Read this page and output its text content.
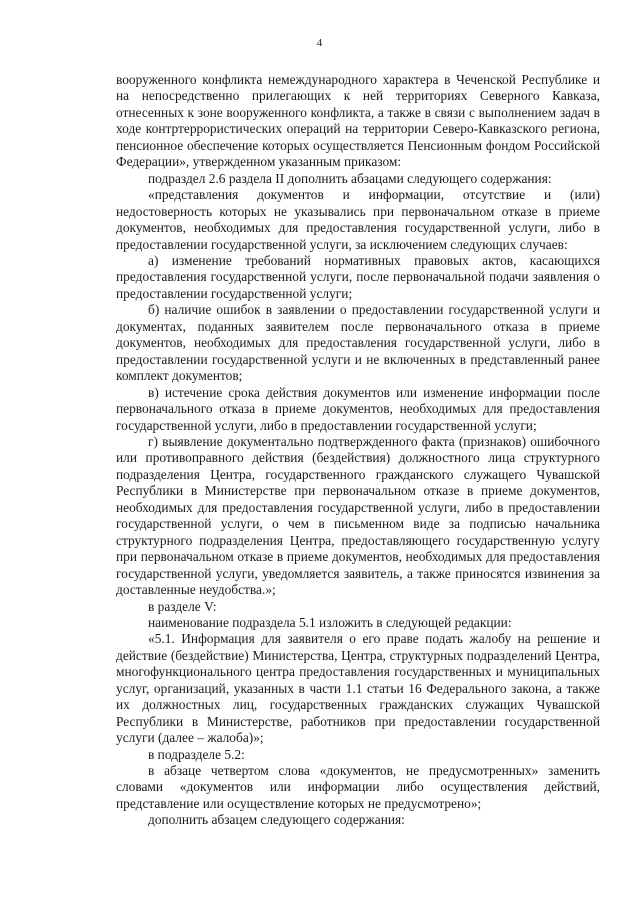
4

вооруженного конфликта немеждународного характера в Чеченской Республике и на непосредственно прилегающих к ней территориях Северного Кавказа, отнесенных к зоне вооруженного конфликта, а также в связи с выполнением задач в ходе контртеррористических операций на территории Северо-Кавказского региона, пенсионное обеспечение которых осуществляется Пенсионным фондом Российской Федерации», утвержденном указанным приказом:

подраздел 2.6 раздела II дополнить абзацами следующего содержания:

«представления документов и информации, отсутствие и (или) недостоверность которых не указывались при первоначальном отказе в приеме документов, необходимых для предоставления государственной услуги, либо в предоставлении государственной услуги, за исключением следующих случаев:

а) изменение требований нормативных правовых актов, касающихся предоставления государственной услуги, после первоначальной подачи заявления о предоставлении государственной услуги;

б) наличие ошибок в заявлении о предоставлении государственной услуги и документах, поданных заявителем после первоначального отказа в приеме документов, необходимых для предоставления государственной услуги, либо в предоставлении государственной услуги и не включенных в представленный ранее комплект документов;

в) истечение срока действия документов или изменение информации после первоначального отказа в приеме документов, необходимых для предоставления государственной услуги, либо в предоставлении государственной услуги;

г) выявление документально подтвержденного факта (признаков) ошибочного или противоправного действия (бездействия) должностного лица структурного подразделения Центра, государственного гражданского служащего Чувашской Республики в Министерстве при первоначальном отказе в приеме документов, необходимых для предоставления государственной услуги, либо в предоставлении государственной услуги, о чем в письменном виде за подписью начальника структурного подразделения Центра, предоставляющего государственную услугу при первоначальном отказе в приеме документов, необходимых для предоставления государственной услуги, уведомляется заявитель, а также приносятся извинения за доставленные неудобства.»;

в разделе V:

наименование подраздела 5.1 изложить в следующей редакции:

«5.1. Информация для заявителя о его праве подать жалобу на решение и действие (бездействие) Министерства, Центра, структурных подразделений Центра, многофункционального центра предоставления государственных и муниципальных услуг, организаций, указанных в части 1.1 статьи 16 Федерального закона, а также их должностных лиц, государственных гражданских служащих Чувашской Республики в Министерстве, работников при предоставлении государственной услуги (далее – жалоба)»;

в подразделе 5.2:

в абзаце четвертом слова «документов, не предусмотренных» заменить словами «документов или информации либо осуществления действий, представление или осуществление которых не предусмотрено»;

дополнить абзацем следующего содержания:
